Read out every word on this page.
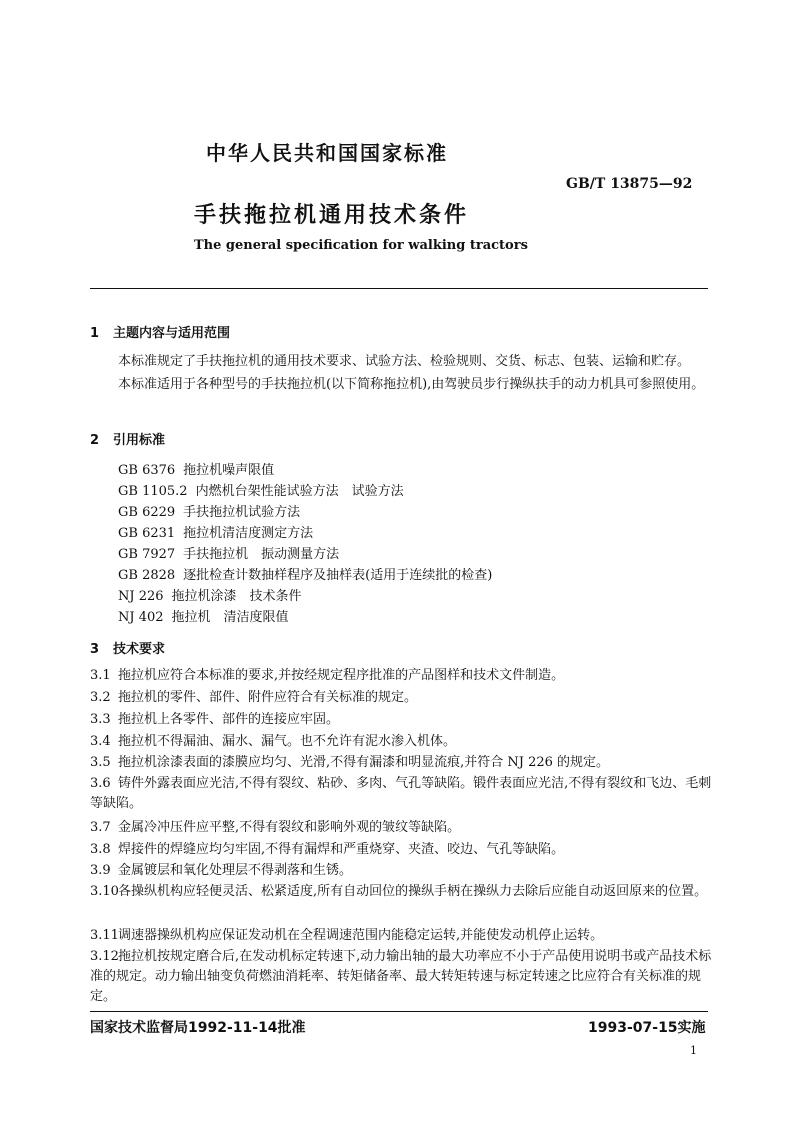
中华人民共和国国家标准
GB/T 13875—92
手扶拖拉机通用技术条件
The general specification for walking tractors
1 主题内容与适用范围
本标准规定了手扶拖拉机的通用技术要求、试验方法、检验规则、交货、标志、包装、运输和贮存。
本标准适用于各种型号的手扶拖拉机(以下简称拖拉机),由驾驶员步行操纵扶手的动力机具可参照使用。
2 引用标准
GB 6376 拖拉机噪声限值
GB 1105.2 内燃机台架性能试验方法　试验方法
GB 6229 手扶拖拉机试验方法
GB 6231 拖拉机清洁度测定方法
GB 7927 手扶拖拉机　振动测量方法
GB 2828 逐批检查计数抽样程序及抽样表(适用于连续批的检查)
NJ 226 拖拉机涂漆　技术条件
NJ 402 拖拉机　清洁度限值
3 技术要求
3.1 拖拉机应符合本标准的要求,并按经规定程序批准的产品图样和技术文件制造。
3.2 拖拉机的零件、部件、附件应符合有关标准的规定。
3.3 拖拉机上各零件、部件的连接应牢固。
3.4 拖拉机不得漏油、漏水、漏气。也不允许有泥水渗入机体。
3.5 拖拉机涂漆表面的漆膜应均匀、光滑,不得有漏漆和明显流痕,并符合 NJ 226 的规定。
3.6 铸件外露表面应光洁,不得有裂纹、粘砂、多肉、气孔等缺陷。锻件表面应光洁,不得有裂纹和飞边、毛刺等缺陷。
3.7 金属冷冲压件应平整,不得有裂纹和影响外观的皱纹等缺陷。
3.8 焊接件的焊缝应均匀牢固,不得有漏焊和严重烧穿、夹渣、咬边、气孔等缺陷。
3.9 金属镀层和氧化处理层不得剥落和生锈。
3.10各操纵机构应轻便灵活、松紧适度,所有自动回位的操纵手柄在操纵力去除后应能自动返回原来的位置。
3.11调速器操纵机构应保证发动机在全程调速范围内能稳定运转,并能使发动机停止运转。
3.12拖拉机按规定磨合后,在发动机标定转速下,动力输出轴的最大功率应不小于产品使用说明书或产品技术标准的规定。动力输出轴变负荷燃油消耗率、转矩储备率、最大转矩转速与标定转速之比应符合有关标准的规定。
国家技术监督局1992-11-14批准	1993-07-15实施
1
